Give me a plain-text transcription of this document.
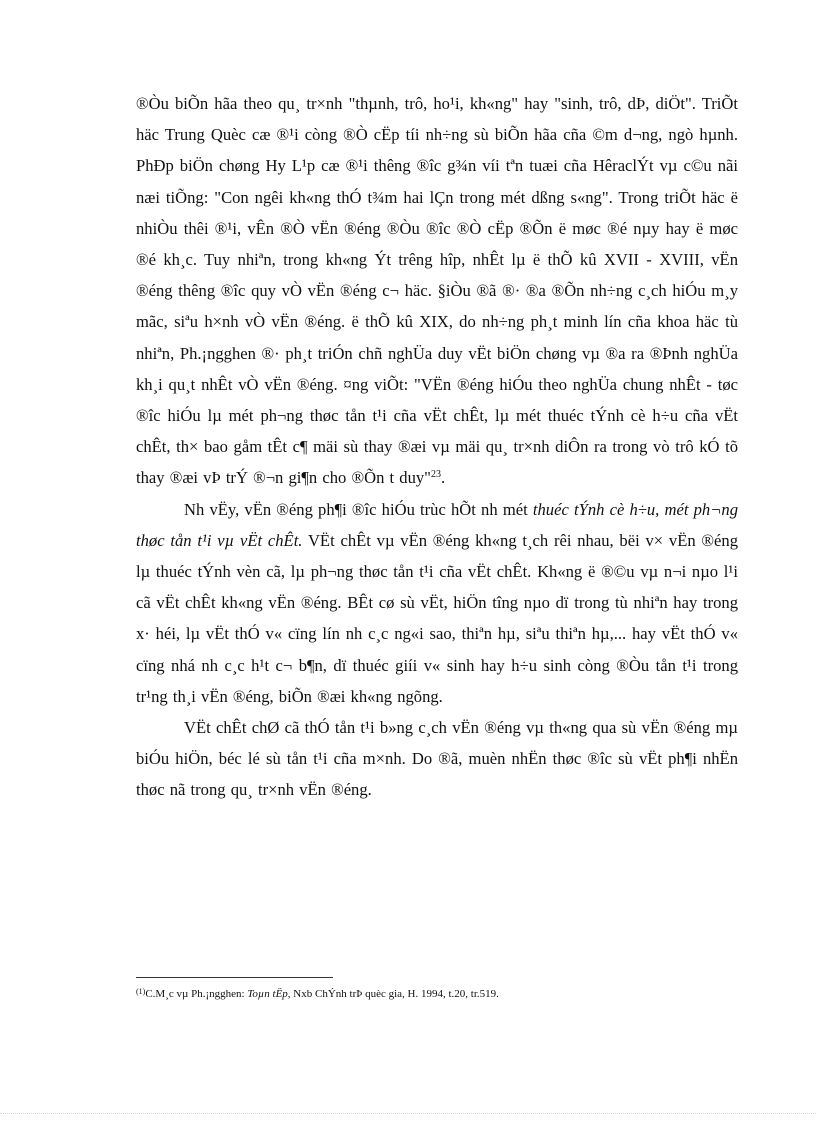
®Òu biÕn hãa theo qu¸ tr×nh "thµnh, trô, ho¹i, kh«ng" hay "sinh, trô, dÞ, diÖt". TriÕt häc Trung Quèc cæ ®¹i còng ®Ò cËp tíi nh÷ng sù biÕn hãa cña ©m d¬ng, ngò hµnh. PhÐp biÖn chøng Hy L¹p cæ ®¹i thêng ®îc g¾n víi tªn tuæi cña HêraclÝt vµ c©u nãi næi tiÕng: "Con ngêi kh«ng thÓ t¾m hai lÇn trong mét dßng s«ng". Trong triÕt häc ë nhiÒu thêi ®¹i, vÊn ®Ò vËn ®éng ®Òu ®îc ®Ò cËp ®Õn ë møc ®é nµy hay ë møc ®é kh¸c. Tuy nhiªn, trong kh«ng Ýt trêng hîp, nhÊt lµ ë thÕ kû XVII - XVIII, vËn ®éng thêng ®îc quy vÒ vËn ®éng c¬ häc. §iÒu ®ã ®· ®a ®Õn nh÷ng c¸ch hiÓu m¸y mãc, siªu h×nh vÒ vËn ®éng. ë thÕ kû XIX, do nh÷ng ph¸t minh lín cña khoa häc tù nhiªn, Ph.¡ngghen ®· ph¸t triÓn chñ nghÜa duy vËt biÖn chøng vµ ®a ra ®Þnh nghÜa kh¸i qu¸t nhÊt vÒ vËn ®éng. ¤ng viÕt: "VËn ®éng hiÓu theo nghÜa chung nhÊt - tøc ®îc hiÓu lµ mét ph¬ng thøc tån t¹i cña vËt chÊt, lµ mét thuéc tÝnh cè h÷u cña vËt chÊt, th× bao gåm tÊt c¶ mäi sù thay ®æi vµ mäi qu¸ tr×nh diÔn ra trong vò trô kÓ tõ thay ®æi vÞ trÝ ®¬n gi¶n cho ®Õn t duy"$^{23}$.

Nh vËy, vËn ®éng ph¶i ®îc hiÓu trùc hÕt nh mét thuéc tÝnh cè h÷u, mét ph¬ng thøc tån t¹i vµ vËt chÊt. VËt chÊt vµ vËn ®éng kh«ng t¸ch rêi nhau, bëi v× vËn ®éng lµ thuéc tÝnh vèn cã, lµ ph¬ng thøc tån t¹i cña vËt chÊt. Kh«ng ë ®©u vµ n¬i nµo l¹i cã vËt chÊt kh«ng vËn ®éng. BÊt cø sù vËt, hiÖn tîng nµo dï trong tù nhiªn hay trong x· héi, lµ vËt thÓ v« cïng lín nh c¸c ng«i sao, thiªn hµ, siªu thiªn hµ,... hay vËt thÓ v« cïng nhá nh c¸c h¹t c¬ b¶n, dï thuéc giíi v« sinh hay h÷u sinh còng ®Òu tån t¹i trong tr¹ng th¸i vËn ®éng, biÕn ®æi kh«ng ngõng.

VËt chÊt chØ cã thÓ tån t¹i b»ng c¸ch vËn ®éng vµ th«ng qua sù vËn ®éng mµ biÓu hiÖn, béc lé sù tån t¹i cña m×nh. Do ®ã, muèn nhËn thøc ®îc sù vËt ph¶i nhËn thøc nã trong qu¸ tr×nh vËn ®éng.

$^{(1)}$C.M¸c vµ Ph.¡ngghen: Toµn tËp, Nxb ChÝnh trÞ quèc gia, H. 1994, t.20, tr.519.
